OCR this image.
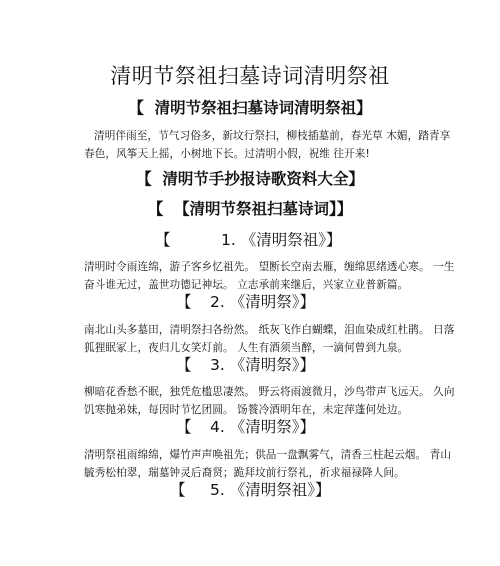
清明节祭祖扫墓诗词清明祭祖
【  清明节祭祖扫墓诗词清明祭祖】

清明伴雨至，节气习俗多，新坟行祭扫，柳枝插墓前，春光草 木媚，踏青享春色，风筝天上摇，小树地下长。过清明小假，祝维 往开来!

【  清明节手抄报诗歌资料大全】
【  【清明节祭祖扫墓诗词】】
【	1. 《清明祭祖》】

清明时令雨连绵，游子客乡忆祖先。 望断长空南去雁，缠绵思绪透心寒。 一生奋斗谁无过，盖世功德记神坛。 立志承前来继后，兴家立业普新篇。

【 2. 《清明祭》】

南北山头多墓田，清明祭扫各纷然。 纸灰飞作白蝴蝶，泪血染成红杜鹃。 日落狐狸眠冢上，夜归儿女笑灯前。 人生有酒须当醉，一滴何曾到九泉。

【 3. 《清明祭》】

柳暗花香愁不眠，独凭危槛思凄然。 野云将雨渡微月，沙鸟带声飞远天。 久向饥寒抛弟妹，每因时节忆团圆。 饧餮冷酒明年在，未定萍蓬何处边。

【 4. 《清明祭》】

清明祭祖雨绵绵，爆竹声声唤祖先；供品一盘飘雾气，清香三柱起云烟。 青山毓秀松柏翠，瑞墓钟灵后裔贤；跪拜坟前行祭礼，祈求福禄降人间。

【 5. 《清明祭祖》】
